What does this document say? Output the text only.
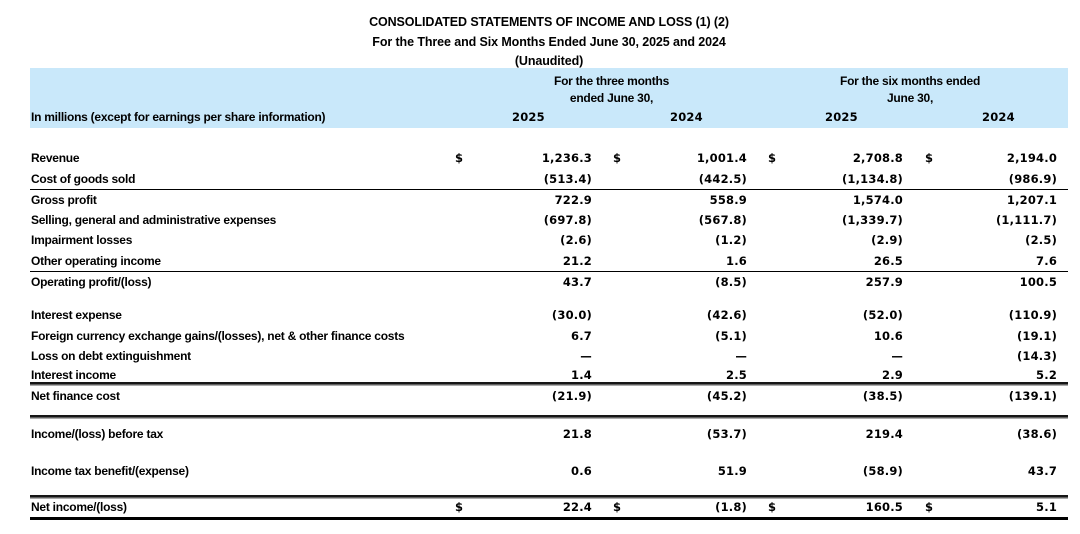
CONSOLIDATED STATEMENTS OF INCOME AND LOSS (1) (2)
For the Three and Six Months Ended June 30, 2025 and 2024
(Unaudited)
	For the three months				For the six months ended			
	ended June 30,				June 30,			
In millions (except for earnings per share information)		2025		2024		2025		2024

Revenue	$	1,236.3	$	1,001.4	$	2,708.8	$	2,194.0
Cost of goods sold		(513.4)		(442.5)		(1,134.8)		(986.9)
Gross profit		722.9		558.9		1,574.0		1,207.1
Selling, general and administrative expenses		(697.8)		(567.8)		(1,339.7)		(1,111.7)
Impairment losses		(2.6)		(1.2)		(2.9)		(2.5)
Other operating income		21.2		1.6		26.5		7.6
Operating profit/(loss)		43.7		(8.5)		257.9		100.5

Interest expense		(30.0)		(42.6)		(52.0)		(110.9)
Foreign currency exchange gains/(losses), net & other finance costs		6.7		(5.1)		10.6		(19.1)
Loss on debt extinguishment		—		—		—		(14.3)
Interest income		1.4		2.5		2.9		5.2

Net finance cost		(21.9)		(45.2)		(38.5)		(139.1)

Income/(loss) before tax		21.8		(53.7)		219.4		(38.6)
Income tax benefit/(expense)		0.6		51.9		(58.9)		43.7

Net income/(loss)	$	22.4	$	(1.8)	$	160.5	$	5.1
